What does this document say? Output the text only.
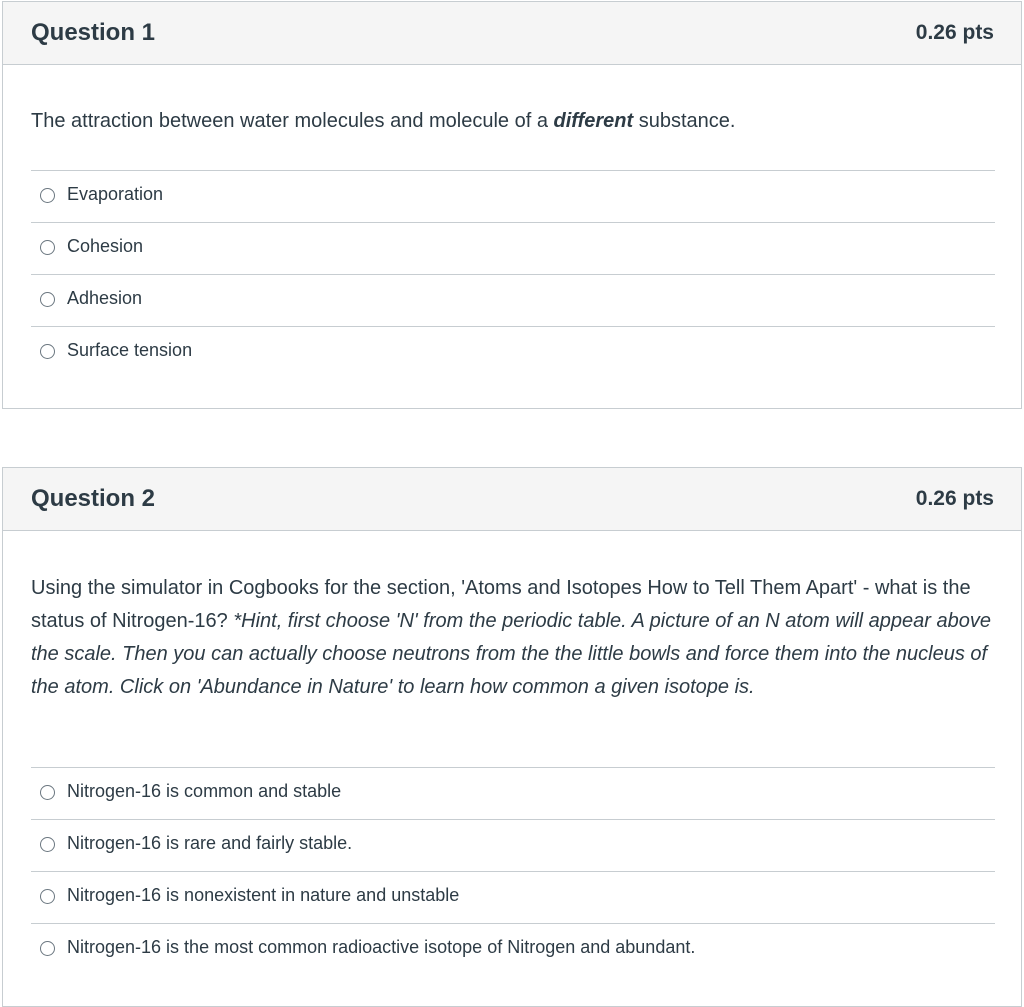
Question 1	0.26 pts
The attraction between water molecules and molecule of a different substance.
Evaporation
Cohesion
Adhesion
Surface tension
Question 2	0.26 pts
Using the simulator in Cogbooks for the section, 'Atoms and Isotopes How to Tell Them Apart' - what is the status of Nitrogen-16? *Hint, first choose 'N' from the periodic table. A picture of an N atom will appear above the scale. Then you can actually choose neutrons from the the little bowls and force them into the nucleus of the atom. Click on 'Abundance in Nature' to learn how common a given isotope is.
Nitrogen-16 is common and stable
Nitrogen-16 is rare and fairly stable.
Nitrogen-16 is nonexistent in nature and unstable
Nitrogen-16 is the most common radioactive isotope of Nitrogen and abundant.
